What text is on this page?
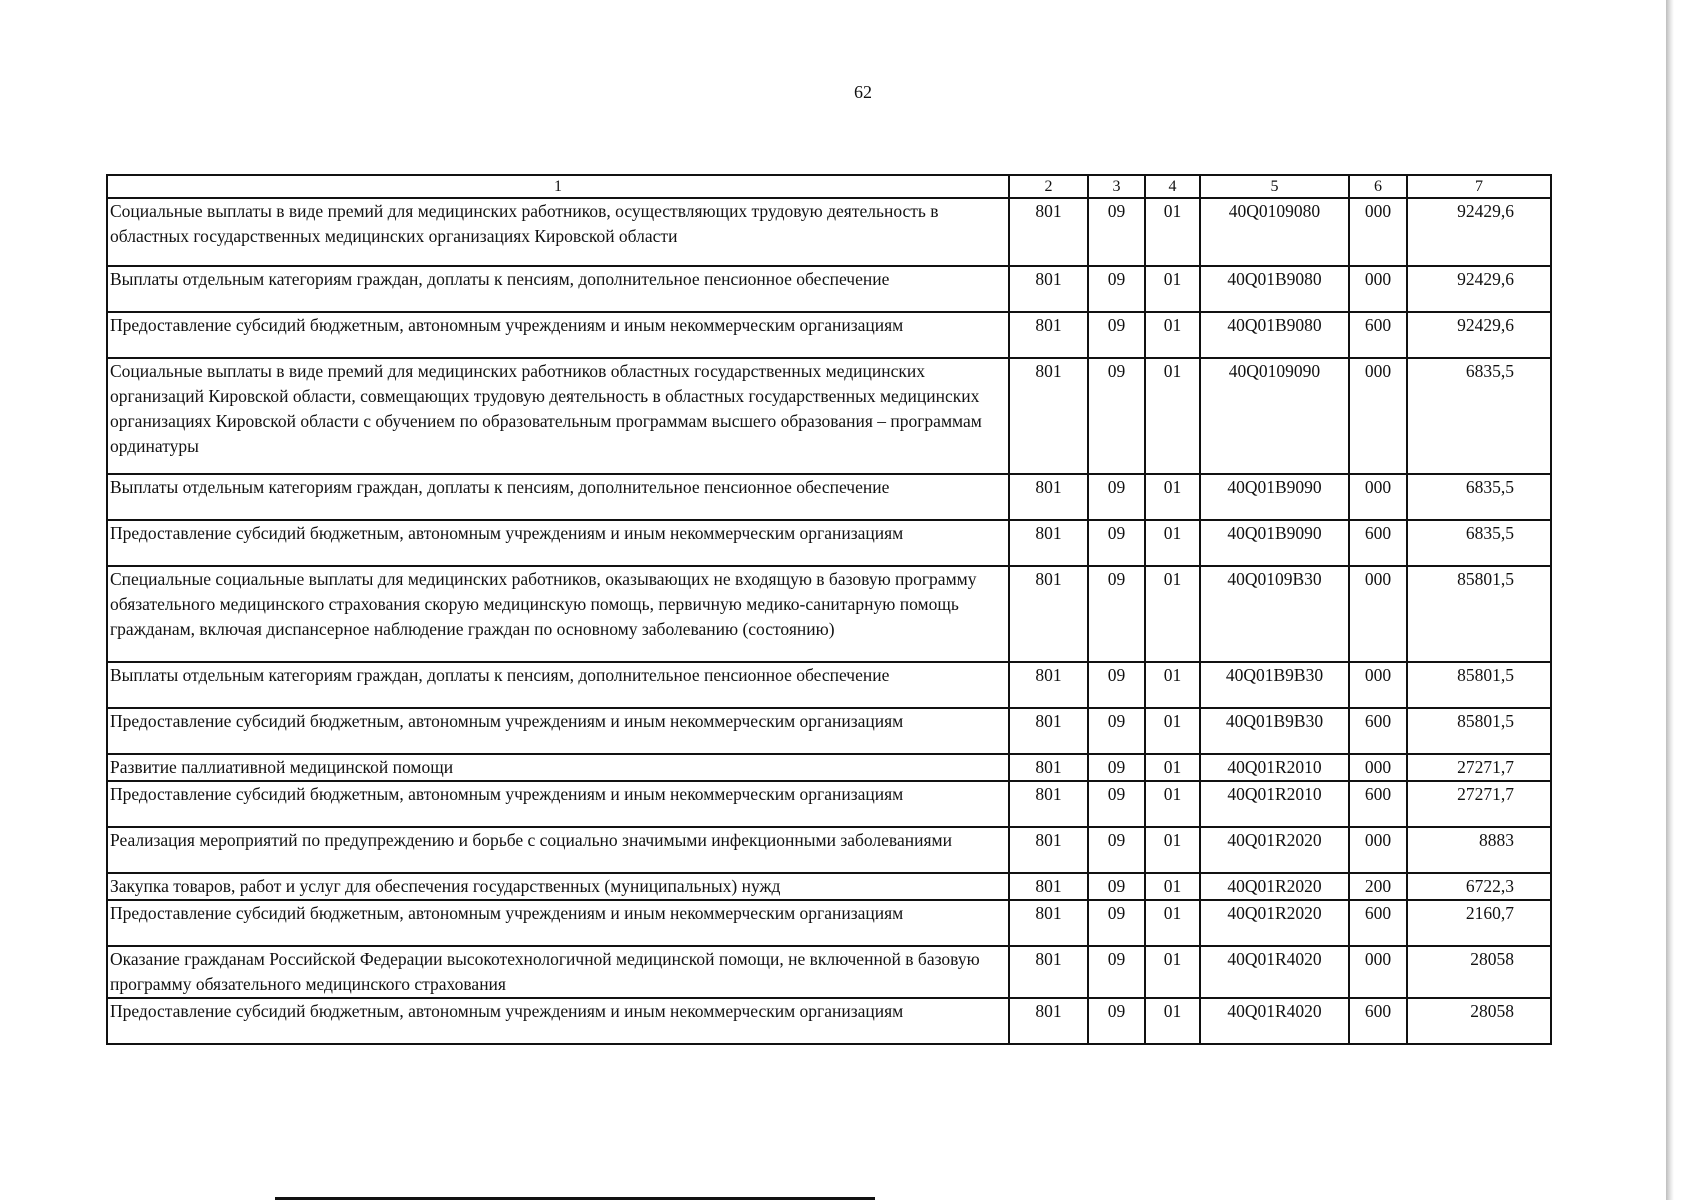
62
1	2	3	4	5	6	7
Социальные выплаты в виде премий для медицинских работников, осуществляющих трудовую деятельность в областных государственных медицинских организациях Кировской области	801	09	01	40Q0109080	000	92429,6
Выплаты отдельным категориям граждан, доплаты к пенсиям, дополнительное пенсионное обеспечение	801	09	01	40Q01B9080	000	92429,6
Предоставление субсидий бюджетным, автономным учреждениям и иным некоммерческим организациям	801	09	01	40Q01B9080	600	92429,6
Социальные выплаты в виде премий для медицинских работников областных государственных медицинских организаций Кировской области, совмещающих трудовую деятельность в областных государственных медицинских организациях Кировской области с обучением по образовательным программам высшего образования – программам ординатуры	801	09	01	40Q0109090	000	6835,5
Выплаты отдельным категориям граждан, доплаты к пенсиям, дополнительное пенсионное обеспечение	801	09	01	40Q01B9090	000	6835,5
Предоставление субсидий бюджетным, автономным учреждениям и иным некоммерческим организациям	801	09	01	40Q01B9090	600	6835,5
Специальные социальные выплаты для медицинских работников, оказывающих не входящую в базовую программу обязательного медицинского страхования скорую медицинскую помощь, первичную медико-санитарную помощь гражданам, включая диспансерное наблюдение граждан по основному заболеванию (состоянию)	801	09	01	40Q0109B30	000	85801,5
Выплаты отдельным категориям граждан, доплаты к пенсиям, дополнительное пенсионное обеспечение	801	09	01	40Q01B9B30	000	85801,5
Предоставление субсидий бюджетным, автономным учреждениям и иным некоммерческим организациям	801	09	01	40Q01B9B30	600	85801,5
Развитие паллиативной медицинской помощи	801	09	01	40Q01R2010	000	27271,7
Предоставление субсидий бюджетным, автономным учреждениям и иным некоммерческим организациям	801	09	01	40Q01R2010	600	27271,7
Реализация мероприятий по предупреждению и борьбе с социально значимыми инфекционными заболеваниями	801	09	01	40Q01R2020	000	8883
Закупка товаров, работ и услуг для обеспечения государственных (муниципальных) нужд	801	09	01	40Q01R2020	200	6722,3
Предоставление субсидий бюджетным, автономным учреждениям и иным некоммерческим организациям	801	09	01	40Q01R2020	600	2160,7
Оказание гражданам Российской Федерации высокотехнологичной медицинской помощи, не включенной в базовую программу обязательного медицинского страхования	801	09	01	40Q01R4020	000	28058
Предоставление субсидий бюджетным, автономным учреждениям и иным некоммерческим организациям	801	09	01	40Q01R4020	600	28058
